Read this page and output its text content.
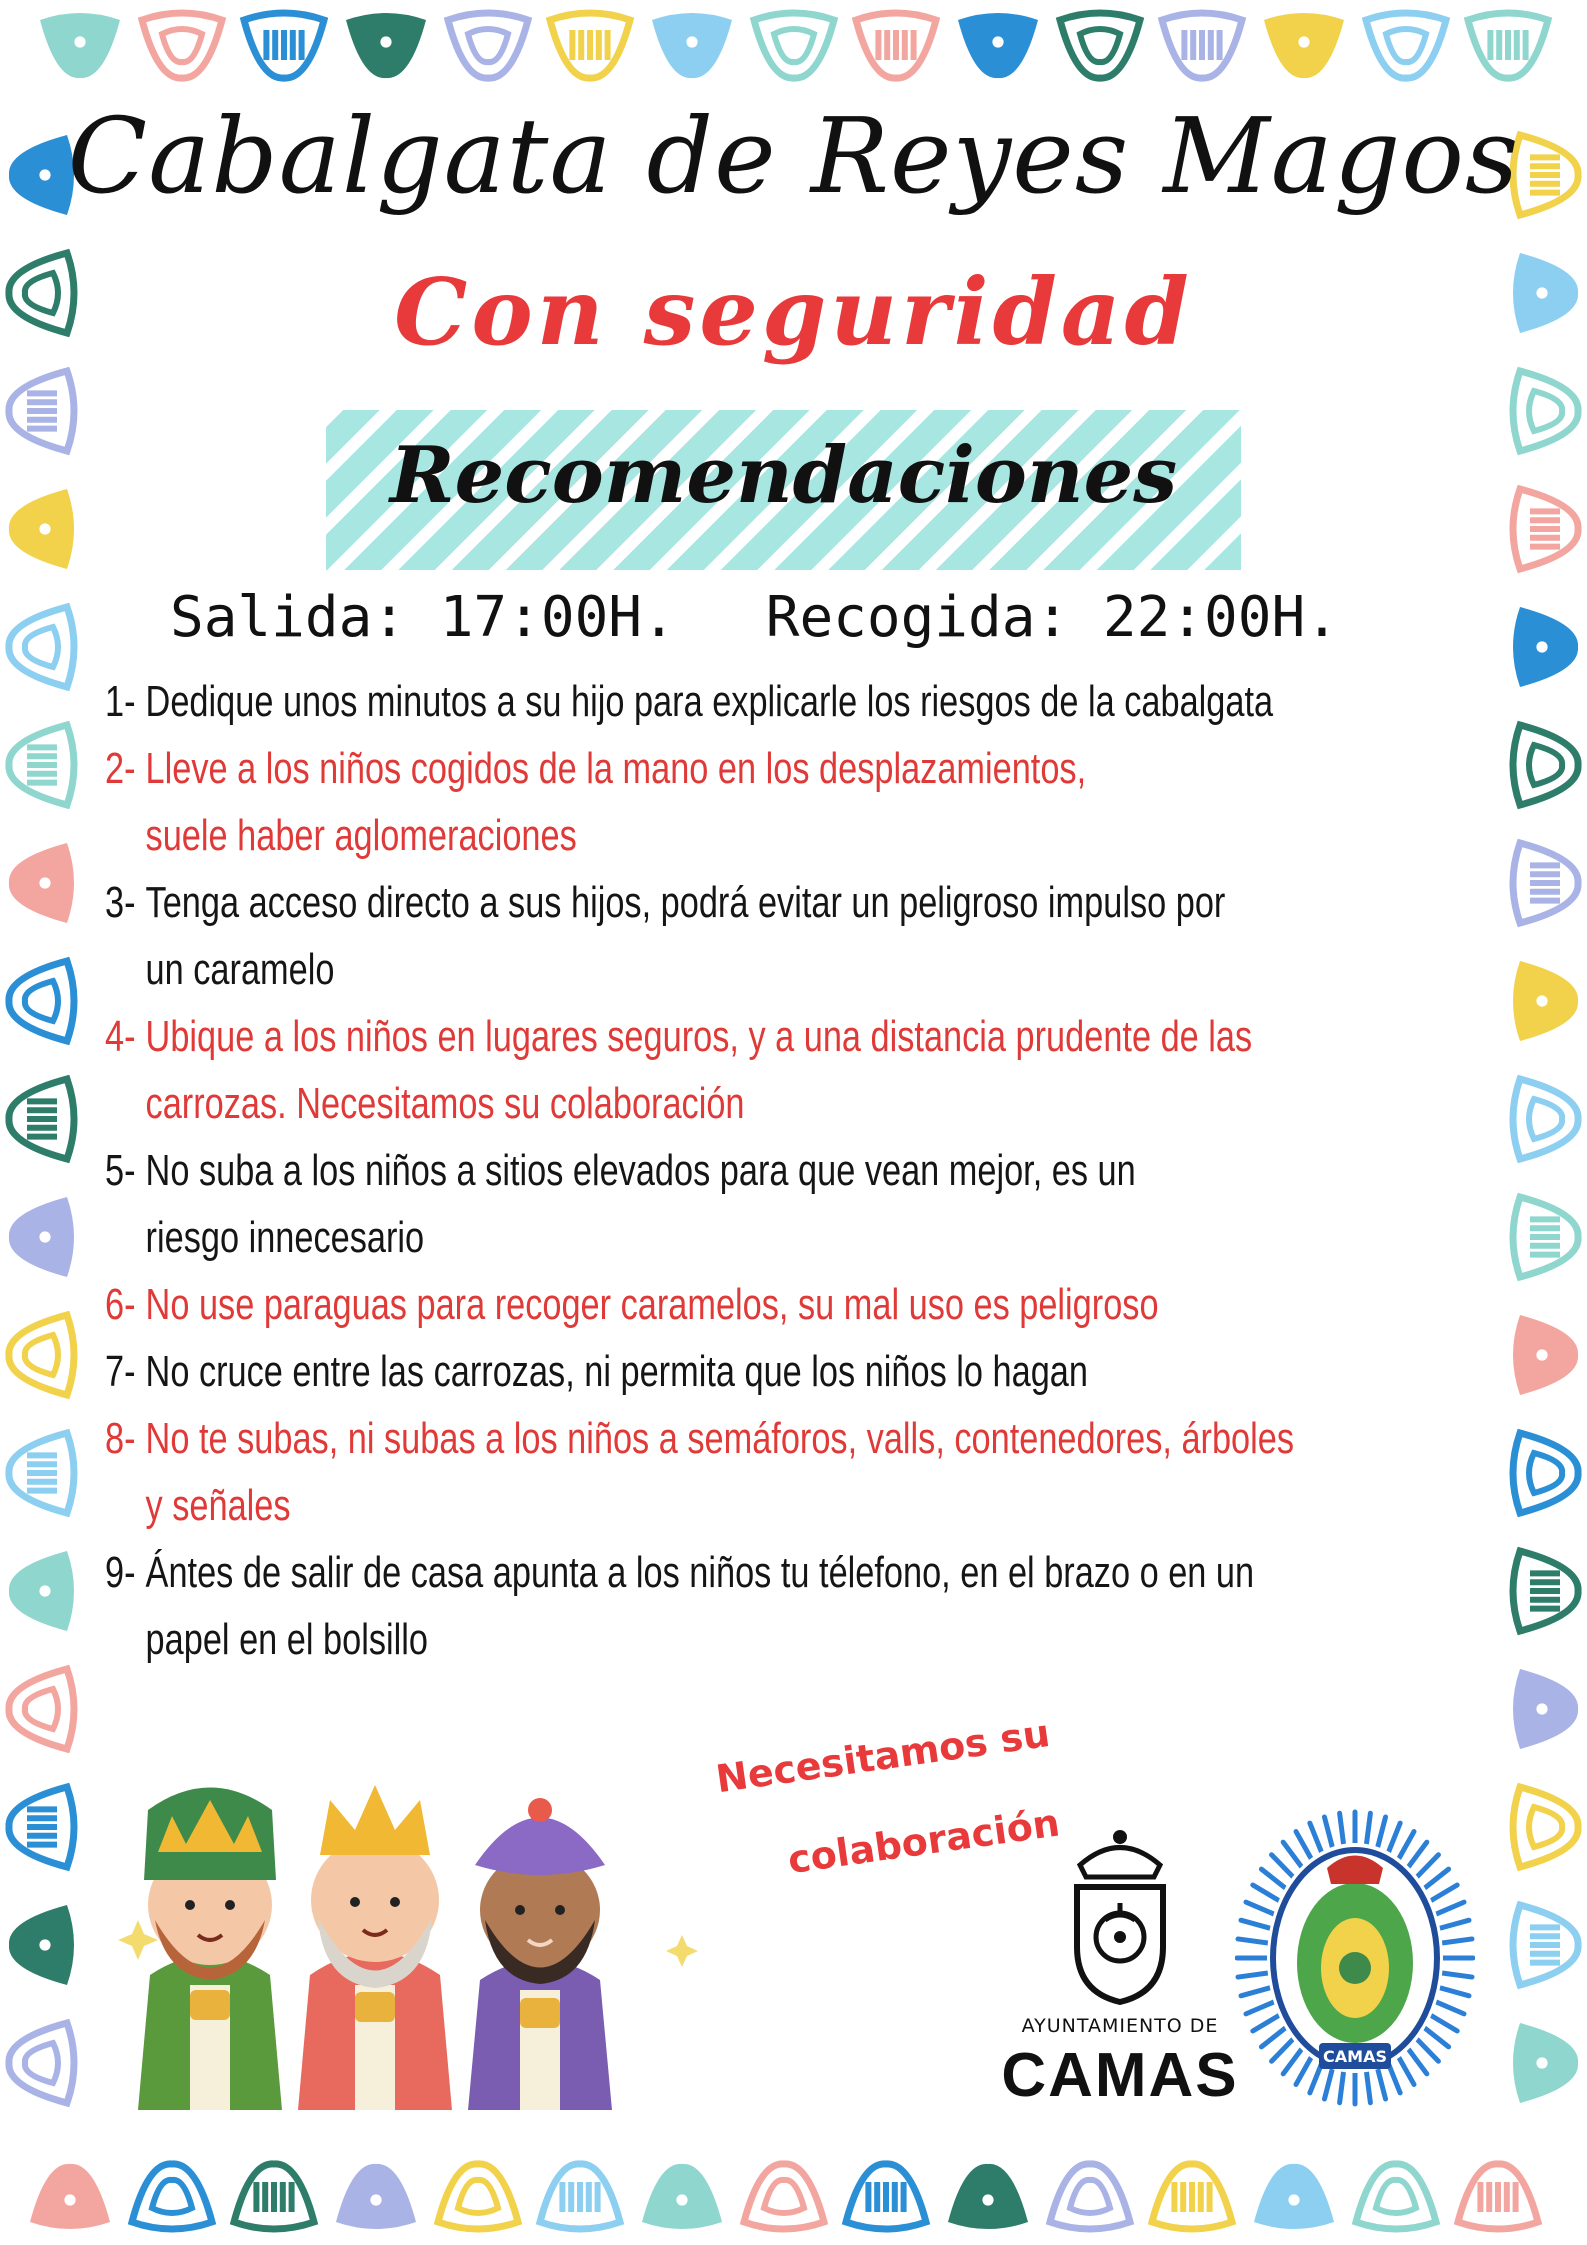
Cabalgata de Reyes Magos
Con seguridad
Recomendaciones
Salida: 17:00H. Recogida: 22:00H.
1- Dedique unos minutos a su hijo para explicarle los riesgos de la cabalgata
2- Lleve a los niños cogidos de la mano en los desplazamientos,
suele haber aglomeraciones
3- Tenga acceso directo a sus hijos, podrá evitar un peligroso impulso por
un caramelo
4- Ubique a los niños en lugares seguros, y a una distancia prudente de las
carrozas. Necesitamos su colaboración
5- No suba a los niños a sitios elevados para que vean mejor, es un
riesgo innecesario
6- No use paraguas para recoger caramelos, su mal uso es peligroso
7- No cruce entre las carrozas, ni permita que los niños lo hagan
8- No te subas, ni subas a los niños a semáforos, valls, contenedores, árboles
y señales
9- Ántes de salir de casa apunta a los niños tu télefono, en el brazo o en un
papel en el bolsillo
Necesitamos su
colaboración
AYUNTAMIENTO DE
CAMAS	CAMAS
